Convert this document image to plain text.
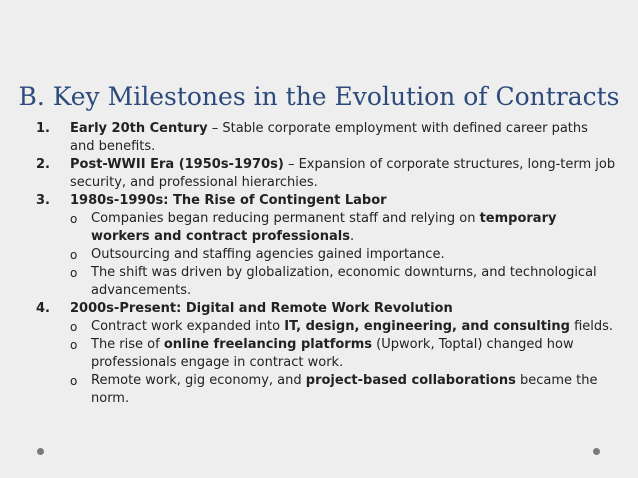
B. Key Milestones in the Evolution of Contracts
1. Early 20th Century – Stable corporate employment with defined career paths and benefits.
2. Post-WWII Era (1950s-1970s) – Expansion of corporate structures, long-term job security, and professional hierarchies.
3. 1980s-1990s: The Rise of Contingent Labor
o Companies began reducing permanent staff and relying on temporary workers and contract professionals.
o Outsourcing and staffing agencies gained importance.
o The shift was driven by globalization, economic downturns, and technological advancements.
4. 2000s-Present: Digital and Remote Work Revolution
o Contract work expanded into IT, design, engineering, and consulting fields.
o The rise of online freelancing platforms (Upwork, Toptal) changed how professionals engage in contract work.
o Remote work, gig economy, and project-based collaborations became the norm.
